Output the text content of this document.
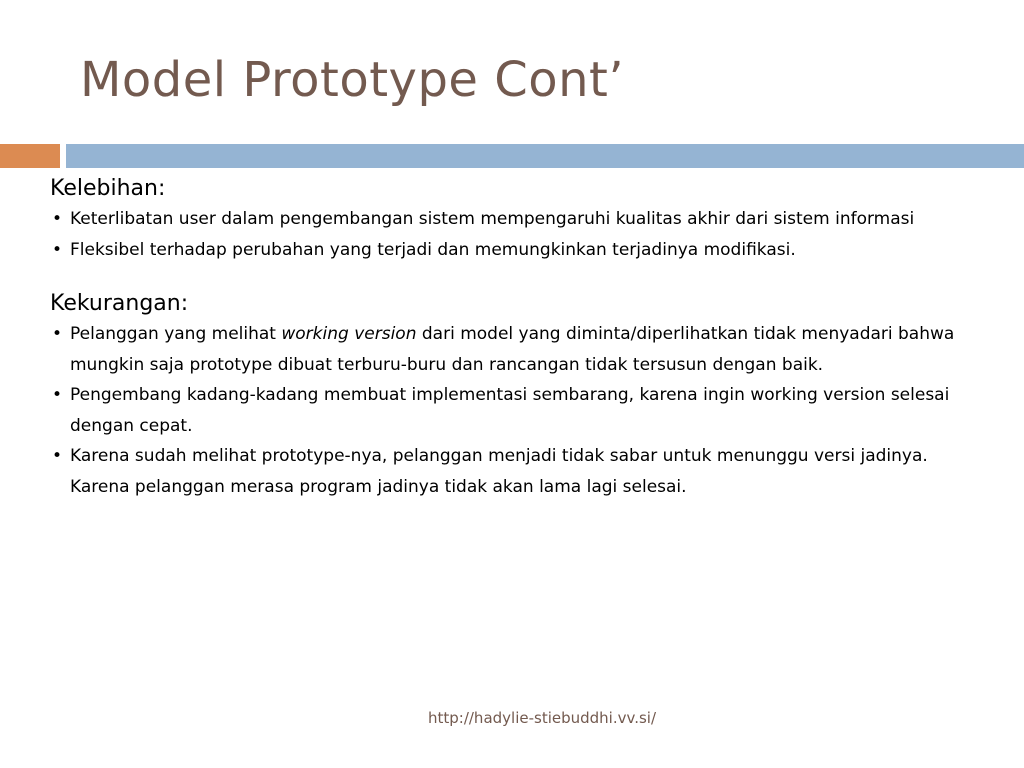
Model Prototype Cont’

Kelebihan:

• Keterlibatan user dalam pengembangan sistem mempengaruhi kualitas akhir dari sistem informasi
• Fleksibel terhadap perubahan yang terjadi dan memungkinkan terjadinya modifikasi.

Kekurangan:

• Pelanggan yang melihat working version dari model yang diminta/diperlihatkan tidak menyadari bahwa mungkin saja prototype dibuat terburu-buru dan rancangan tidak tersusun dengan baik.
• Pengembang kadang-kadang membuat implementasi sembarang, karena ingin working version selesai dengan cepat.
• Karena sudah melihat prototype-nya, pelanggan menjadi tidak sabar untuk menunggu versi jadinya. Karena pelanggan merasa program jadinya tidak akan lama lagi selesai.
http://hadylie-stiebuddhi.vv.si/
